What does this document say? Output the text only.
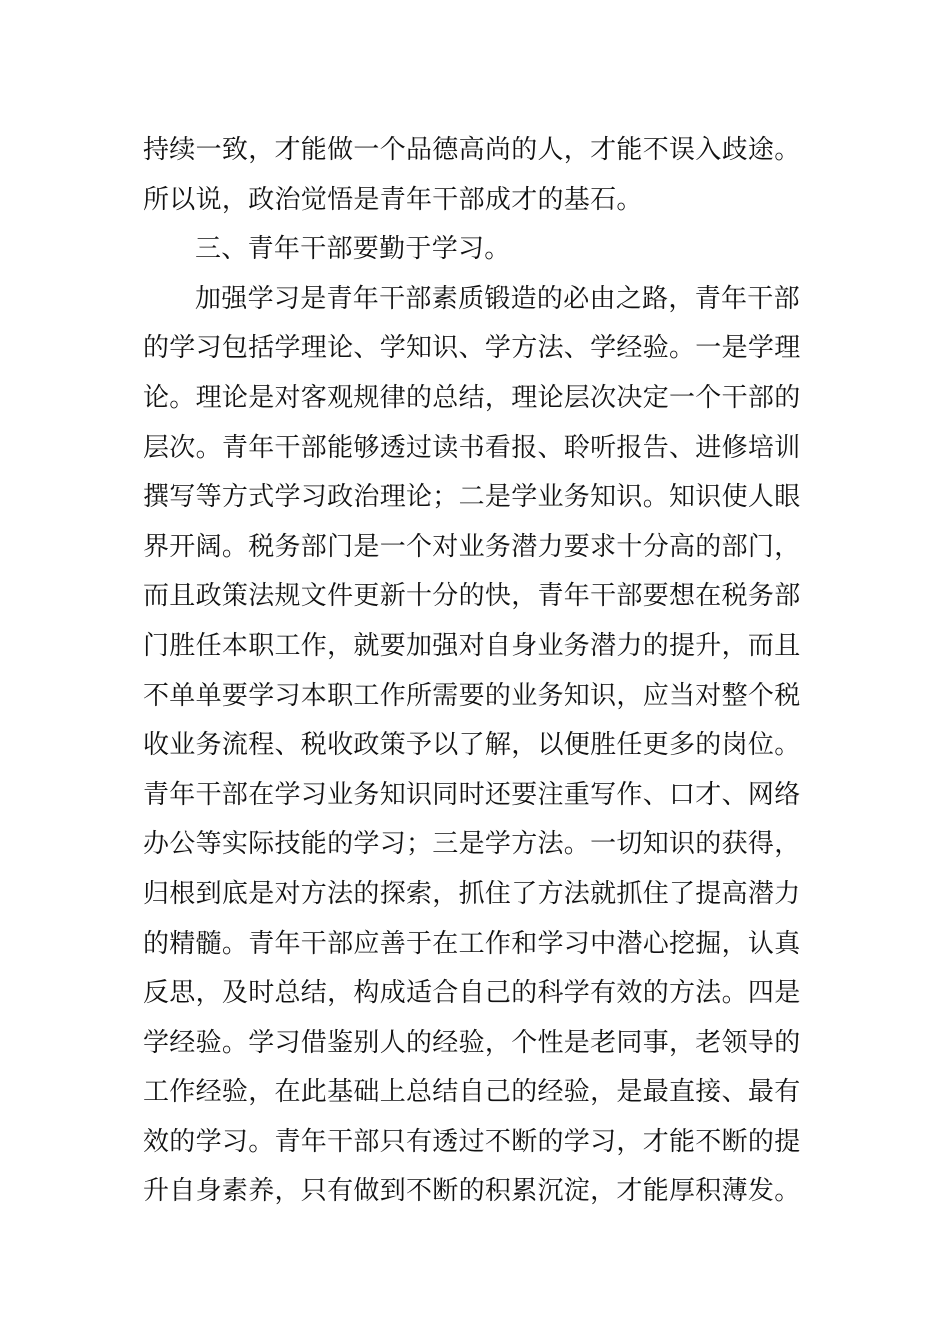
持续一致，才能做一个品德高尚的人，才能不误入歧途。
所以说，政治觉悟是青年干部成才的基石。
三、青年干部要勤于学习。
加强学习是青年干部素质锻造的必由之路，青年干部
的学习包括学理论、学知识、学方法、学经验。一是学理
论。理论是对客观规律的总结，理论层次决定一个干部的
层次。青年干部能够透过读书看报、聆听报告、进修培训
撰写等方式学习政治理论；二是学业务知识。知识使人眼
界开阔。税务部门是一个对业务潜力要求十分高的部门，
而且政策法规文件更新十分的快，青年干部要想在税务部
门胜任本职工作，就要加强对自身业务潜力的提升，而且
不单单要学习本职工作所需要的业务知识，应当对整个税
收业务流程、税收政策予以了解，以便胜任更多的岗位。
青年干部在学习业务知识同时还要注重写作、口才、网络
办公等实际技能的学习；三是学方法。一切知识的获得，
归根到底是对方法的探索，抓住了方法就抓住了提高潜力
的精髓。青年干部应善于在工作和学习中潜心挖掘，认真
反思，及时总结，构成适合自己的科学有效的方法。四是
学经验。学习借鉴别人的经验，个性是老同事，老领导的
工作经验，在此基础上总结自己的经验，是最直接、最有
效的学习。青年干部只有透过不断的学习，才能不断的提
升自身素养，只有做到不断的积累沉淀，才能厚积薄发。
